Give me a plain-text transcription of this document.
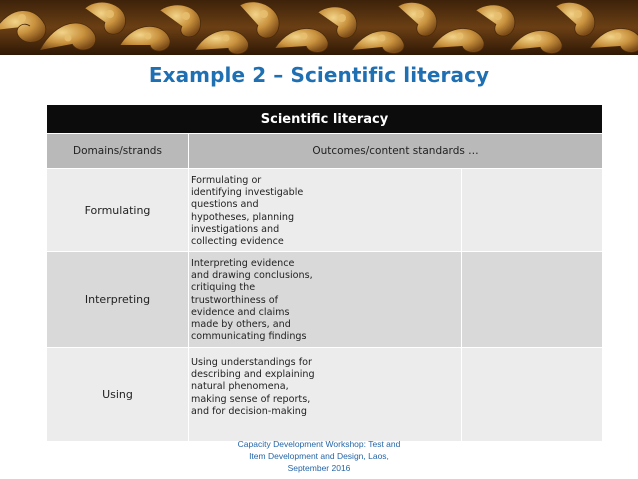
Example 2 – Scientific literacy
Scientific literacy
Domains/strands	Outcomes/content standards …
Formulating
Formulating or
identifying investigable
questions and
hypotheses, planning
investigations and
collecting evidence
Interpreting
Interpreting evidence
and drawing conclusions,
critiquing the
trustworthiness of
evidence and claims
made by others, and
communicating findings
Using
Using understandings for
describing and explaining
natural phenomena,
making sense of reports,
and for decision-making
Capacity Development Workshop: Test and
Item Development and Design, Laos,
September 2016
